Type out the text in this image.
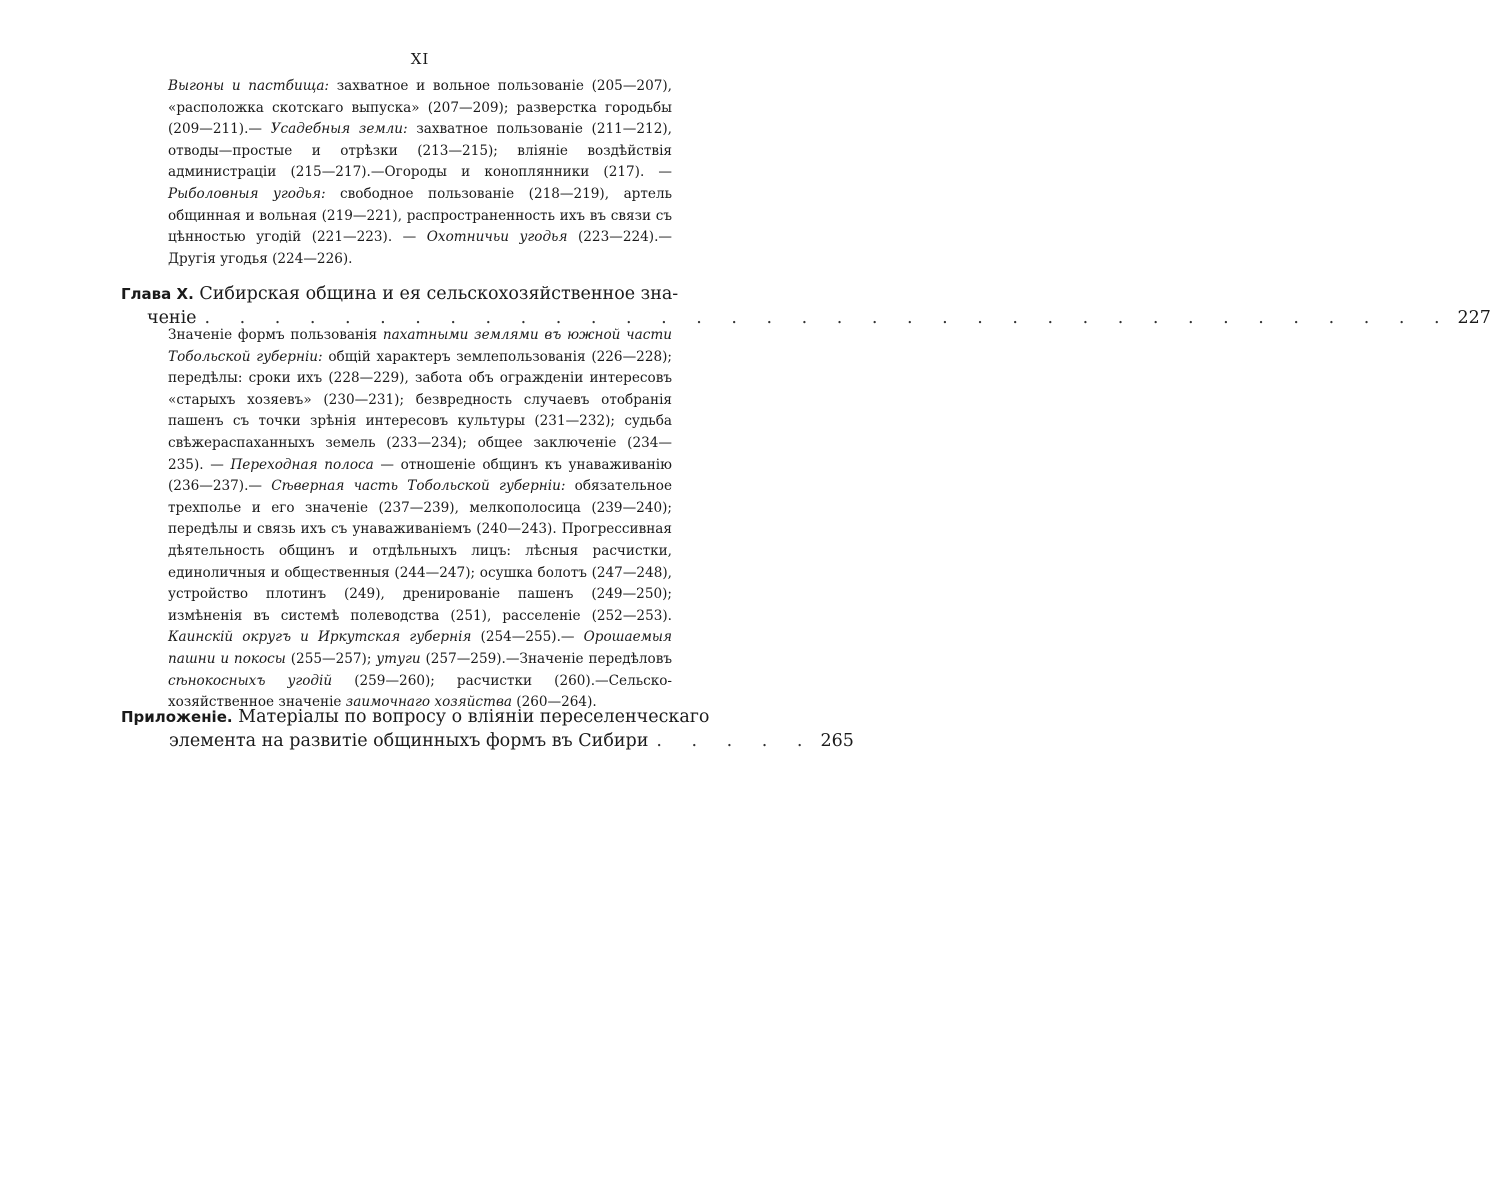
XI
Выгоны и пастбища: захватное и вольное пользованіе (205—207), «расположка скотскаго выпуска» (207—209); разверстка городьбы (209—211).— Усадебныя земли: захватное пользованіе (211—212), отводы—простые и отрѣзки (213—215); вліяніе воздѣйствія администраціи (215—217).—Огороды и коноплянники (217). — Рыболовныя угодья: свободное пользованіе (218—219), артель общинная и вольная (219—221), распространенность ихъ въ связи съ цѣнностью угодій (221—223). — Охотничьи угодья (223—224).—Другія угодья (224—226).
Глава X. Сибирская община и ея сельскохозяйственное зна-
ченіе . . . . . . . . . . . . . . . . . . . . . . . . . . . . . . . . . . . . 227
Значеніе формъ пользованія пахатными землями въ южной части Тобольской губерніи: общій характеръ землепользованія (226—228); передѣлы: сроки ихъ (228—229), забота объ огражденіи интересовъ «старыхъ хозяевъ» (230—231); безвредность случаевъ отобранія пашенъ съ точки зрѣнія интересовъ культуры (231—232); судьба свѣжераспаханныхъ земель (233—234); общее заключеніе (234—235). — Переходная полоса — отношеніе общинъ къ унаваживанію (236—237).— Сѣверная часть Тобольской губерніи: обязательное трехполье и его значеніе (237—239), мелкополосица (239—240); передѣлы и связь ихъ съ унаваживаніемъ (240—243). Прогрессивная дѣятельность общинъ и отдѣльныхъ лицъ: лѣсныя расчистки, единоличныя и общественныя (244—247); осушка болотъ (247—248), устройство плотинъ (249), дренированіе пашенъ (249—250); измѣненія въ системѣ полеводства (251), расселеніе (252—253). Каинскій округъ и Иркутская губернія (254—255).— Орошаемыя пашни и покосы (255—257); утуги (257—259).—Значеніе передѣловъ сѣнокосныхъ угодій (259—260); расчистки (260).—Сельско-хозяйственное значеніе заимочнаго хозяйства (260—264).
Приложеніе. Матеріалы по вопросу о вліяніи переселенческаго
элемента на развитіе общинныхъ формъ въ Сибири . . . . . 265
